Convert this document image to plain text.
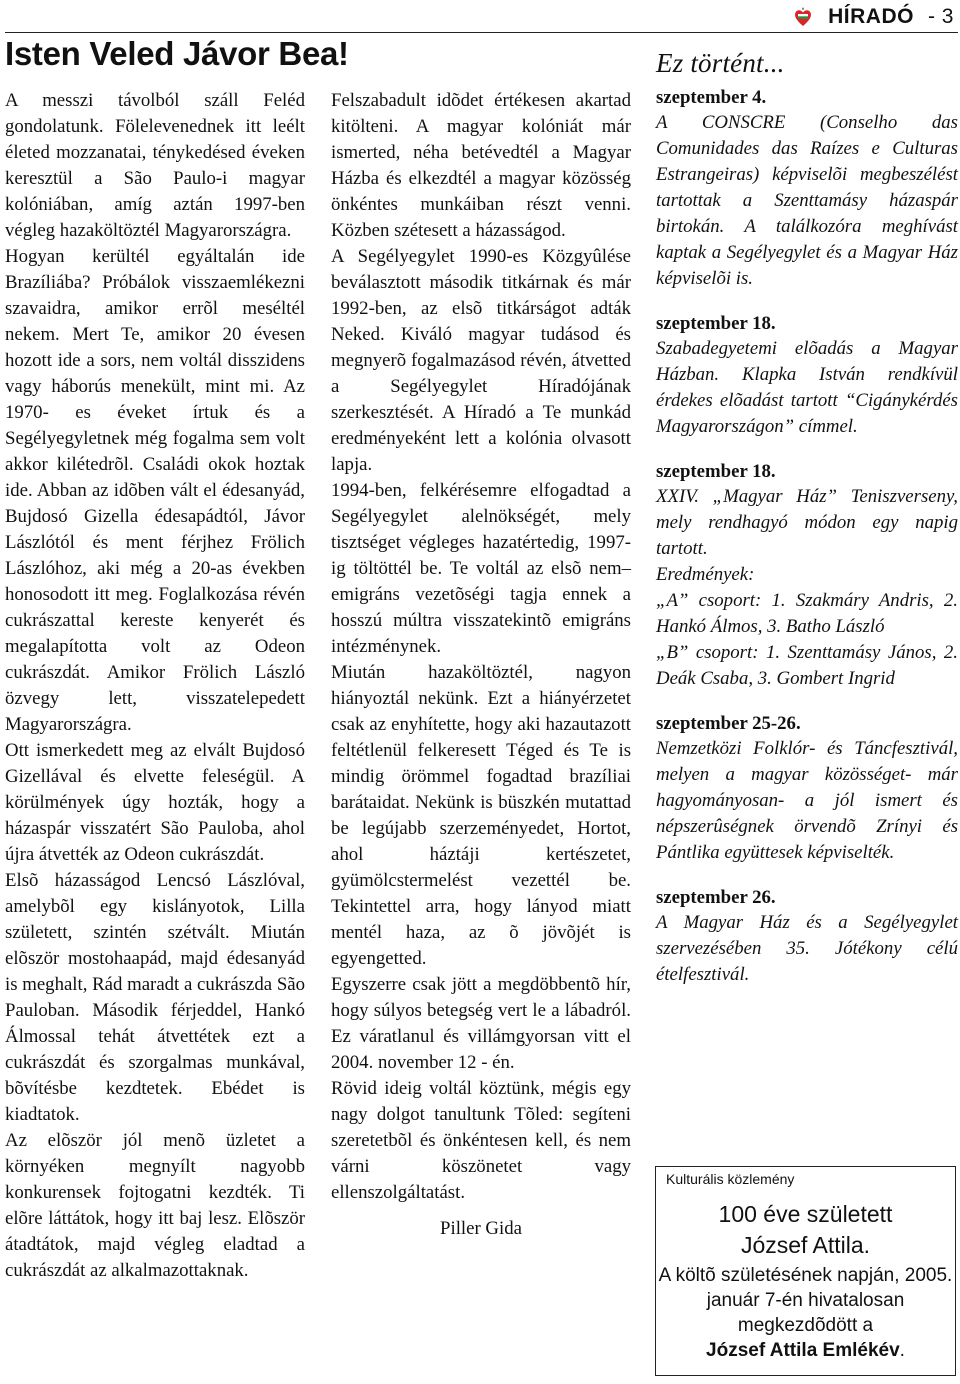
HÍRADÓ - 3
Isten Veled Jávor Bea!

A messzi távolból száll Feléd gondolatunk. Fölelevenednek itt leélt életed mozzanatai, ténykedésed éveken keresztül a São Paulo-i magyar kolóniában, amíg aztán 1997-ben végleg hazaköltöztél Magyarországra.

Hogyan kerültél egyáltalán ide Brazíliába? Próbálok visszaemlékezni szavaidra, amikor errõl meséltél nekem. Mert Te, amikor 20 évesen hozott ide a sors, nem voltál disszidens vagy háborús menekült, mint mi. Az 1970- es éveket írtuk és a Segélyegyletnek még fogalma sem volt akkor kilétedrõl. Családi okok hoztak ide. Abban az idõben vált el édesanyád, Bujdosó Gizella édesapádtól, Jávor Lászlótól és ment férjhez Frölich Lászlóhoz, aki még a 20-as években honosodott itt meg. Foglalkozása révén cukrászattal kereste kenyerét és megalapította volt az Odeon cukrászdát. Amikor Frölich László özvegy lett, visszatelepedett Magyarországra.

Ott ismerkedett meg az elvált Bujdosó Gizellával és elvette feleségül. A körülmények úgy hozták, hogy a házaspár visszatért São Pauloba, ahol újra átvették az Odeon cukrászdát.

Elsõ házasságod Lencsó Lászlóval, amelybõl egy kislányotok, Lilla született, szintén szétvált. Miután elõször mostohaapád, majd édesanyád is meghalt, Rád maradt a cukrászda São Pauloban. Második férjeddel, Hankó Álmossal tehát átvettétek ezt a cukrászdát és szorgalmas munkával, bõvítésbe kezdtetek. Ebédet is kiadtatok.

Az elõször jól menõ üzletet a környéken megnyílt nagyobb konkurensek fojtogatni kezdték. Ti elõre láttátok, hogy itt baj lesz. Elõször átadtátok, majd végleg eladtad a cukrászdát az alkalmazottaknak.

Felszabadult idõdet értékesen akartad kitölteni. A magyar kolóniát már ismerted, néha betévedtél a Magyar Házba és elkezdtél a magyar közösség önkéntes munkáiban részt venni. Közben szétesett a házasságod.

A Segélyegylet 1990-es Közgyûlése beválasztott második titkárnak és már 1992-ben, az elsõ titkárságot adták Neked. Kiváló magyar tudásod és megnyerõ fogalmazásod révén, átvetted a Segélyegylet Híradójának szerkesztését. A Híradó a Te munkád eredményeként lett a kolónia olvasott lapja.

1994-ben, felkérésemre elfogadtad a Segélyegylet alelnökségét, mely tisztséget végleges hazatértedig, 1997-ig töltöttél be. Te voltál az elsõ nem–emigráns vezetõségi tagja ennek a hosszú múltra visszatekintõ emigráns intézménynek.

Miután hazaköltöztél, nagyon hiányoztál nekünk. Ezt a hiányérzetet csak az enyhítette, hogy aki hazautazott feltétlenül felkeresett Téged és Te is mindig örömmel fogadtad brazíliai barátaidat. Nekünk is büszkén mutattad be legújabb szerzeményedet, Hortot, ahol háztáji kertészetet, gyümölcstermelést vezettél be. Tekintettel arra, hogy lányod miatt mentél haza, az õ jövõjét is egyengetted.

Egyszerre csak jött a megdöbbentõ hír, hogy súlyos betegség vert le a lábadról. Ez váratlanul és villámgyorsan vitt el 2004. november 12 - én.

Rövid ideig voltál köztünk, mégis egy nagy dolgot tanultunk Tõled: segíteni szeretetbõl és önkéntesen kell, és nem várni köszönetet vagy ellenszolgáltatást.

Piller Gida

Ez történt...
szeptember 4.

A CONSCRE (Conselho das Comunidades das Raízes e Culturas Estrangeiras) képviselõi megbeszélést tartottak a Szenttamásy házaspár birtokán. A találkozóra meghívást kaptak a Segélyegylet és a Magyar Ház képviselõi is.

szeptember 18.

Szabadegyetemi elõadás a Magyar Házban. Klapka István rendkívül érdekes elõadást tartott “Cigánykérdés Magyarországon” címmel.

szeptember 18.

XXIV. „Magyar Ház” Teniszverseny, mely rendhagyó módon egy napig tartott.

Eredmények:

„A” csoport: 1. Szakmáry Andris, 2. Hankó Álmos, 3. Batho László

„B” csoport: 1. Szenttamásy János, 2. Deák Csaba, 3. Gombert Ingrid

szeptember 25-26.

Nemzetközi Folklór- és Táncfesztivál, melyen a magyar közösséget- már hagyományosan- a jól ismert és népszerûségnek örvendõ Zrínyi és Pántlika együttesek képviselték.

szeptember 26.

A Magyar Ház és a Segélyegylet szervezésében 35. Jótékony célú ételfesztivál.

Kulturális közlemény
100 éve született
József Attila.
A költõ születésének napján, 2005. január 7-én hivatalosan megkezdõdött a
József Attila Emlékév.
